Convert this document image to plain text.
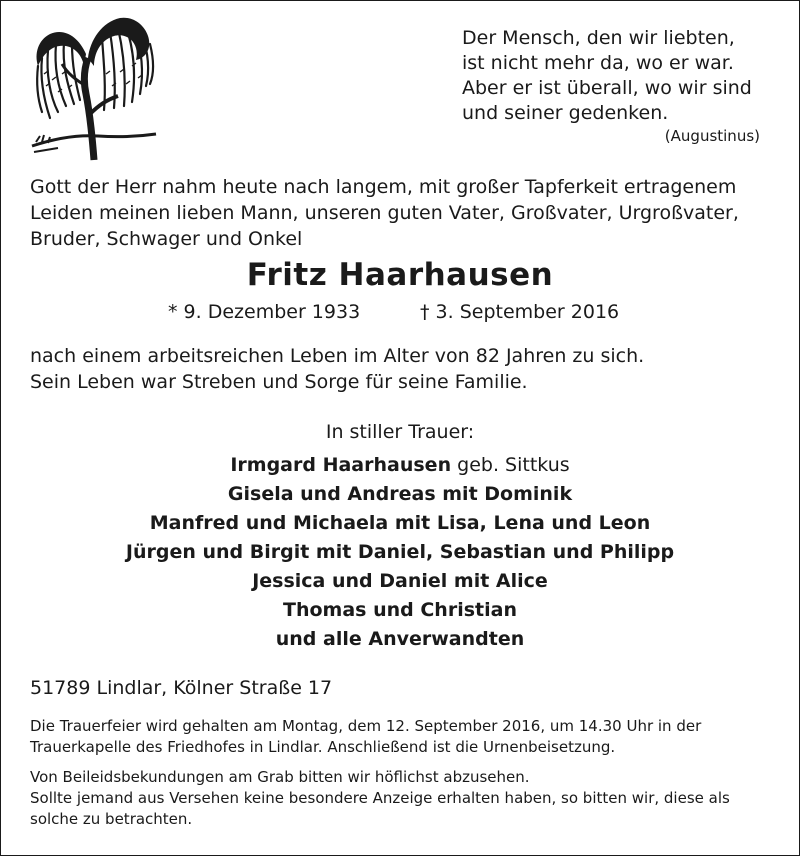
Der Mensch, den wir liebten,
ist nicht mehr da, wo er war.
Aber er ist überall, wo wir sind
und seiner gedenken.
(Augustinus)
Gott der Herr nahm heute nach langem, mit großer Tapferkeit ertragenem
Leiden meinen lieben Mann, unseren guten Vater, Großvater, Urgroßvater,
Bruder, Schwager und Onkel
Fritz Haarhausen
* 9. Dezember 1933	† 3. September 2016
nach einem arbeitsreichen Leben im Alter von 82 Jahren zu sich.
Sein Leben war Streben und Sorge für seine Familie.
In stiller Trauer:
Irmgard Haarhausen geb. Sittkus
Gisela und Andreas mit Dominik
Manfred und Michaela mit Lisa, Lena und Leon
Jürgen und Birgit mit Daniel, Sebastian und Philipp
Jessica und Daniel mit Alice
Thomas und Christian
und alle Anverwandten
51789 Lindlar, Kölner Straße 17
Die Trauerfeier wird gehalten am Montag, dem 12. September 2016, um 14.30 Uhr in der
Trauerkapelle des Friedhofes in Lindlar. Anschließend ist die Urnenbeisetzung.
Von Beileidsbekundungen am Grab bitten wir höflichst abzusehen.
Sollte jemand aus Versehen keine besondere Anzeige erhalten haben, so bitten wir, diese als
solche zu betrachten.
